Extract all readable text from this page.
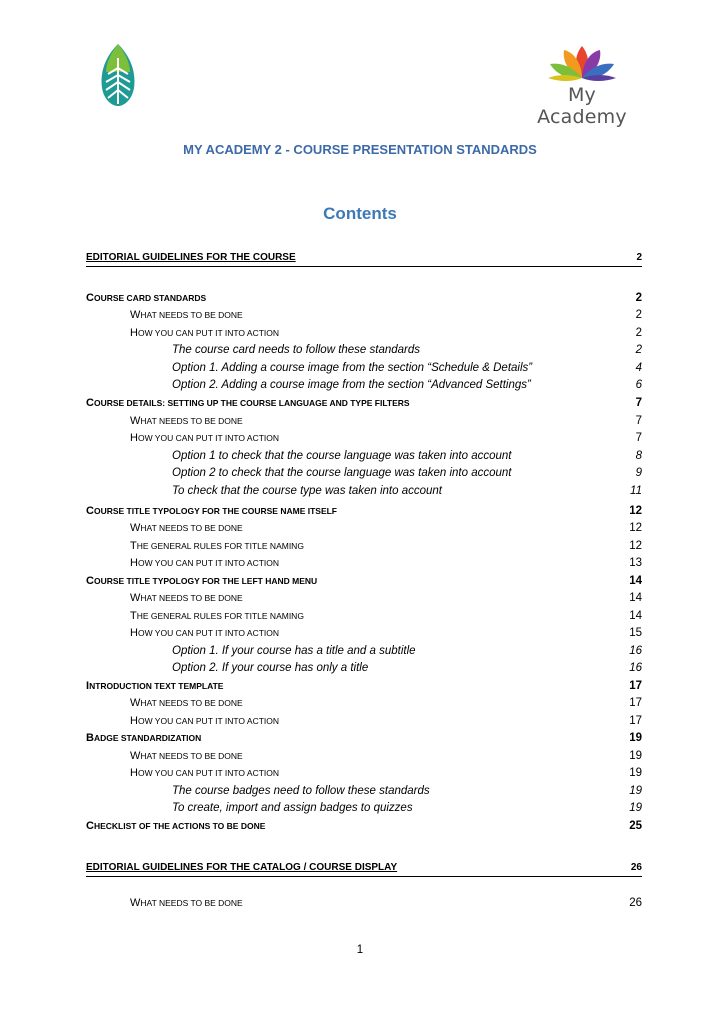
My Academy
MY ACADEMY 2 - COURSE PRESENTATION STANDARDS
Contents
EDITORIAL GUIDELINES FOR THE COURSE	2
COURSE CARD STANDARDS	2
WHAT NEEDS TO BE DONE	2
HOW YOU CAN PUT IT INTO ACTION	2
The course card needs to follow these standards	2
Option 1. Adding a course image from the section “Schedule & Details”	4
Option 2. Adding a course image from the section “Advanced Settings”	6
COURSE DETAILS: SETTING UP THE COURSE LANGUAGE AND TYPE FILTERS	7
WHAT NEEDS TO BE DONE	7
HOW YOU CAN PUT IT INTO ACTION	7
Option 1 to check that the course language was taken into account	8
Option 2 to check that the course language was taken into account	9
To check that the course type was taken into account	11
COURSE TITLE TYPOLOGY FOR THE COURSE NAME ITSELF	12
WHAT NEEDS TO BE DONE	12
THE GENERAL RULES FOR TITLE NAMING	12
HOW YOU CAN PUT IT INTO ACTION	13
COURSE TITLE TYPOLOGY FOR THE LEFT HAND MENU	14
WHAT NEEDS TO BE DONE	14
THE GENERAL RULES FOR TITLE NAMING	14
HOW YOU CAN PUT IT INTO ACTION	15
Option 1. If your course has a title and a subtitle	16
Option 2. If your course has only a title	16
INTRODUCTION TEXT TEMPLATE	17
WHAT NEEDS TO BE DONE	17
HOW YOU CAN PUT IT INTO ACTION	17
BADGE STANDARDIZATION	19
WHAT NEEDS TO BE DONE	19
HOW YOU CAN PUT IT INTO ACTION	19
The course badges need to follow these standards	19
To create, import and assign badges to quizzes	19
CHECKLIST OF THE ACTIONS TO BE DONE	25
EDITORIAL GUIDELINES FOR THE CATALOG / COURSE DISPLAY	26
WHAT NEEDS TO BE DONE	26
1
